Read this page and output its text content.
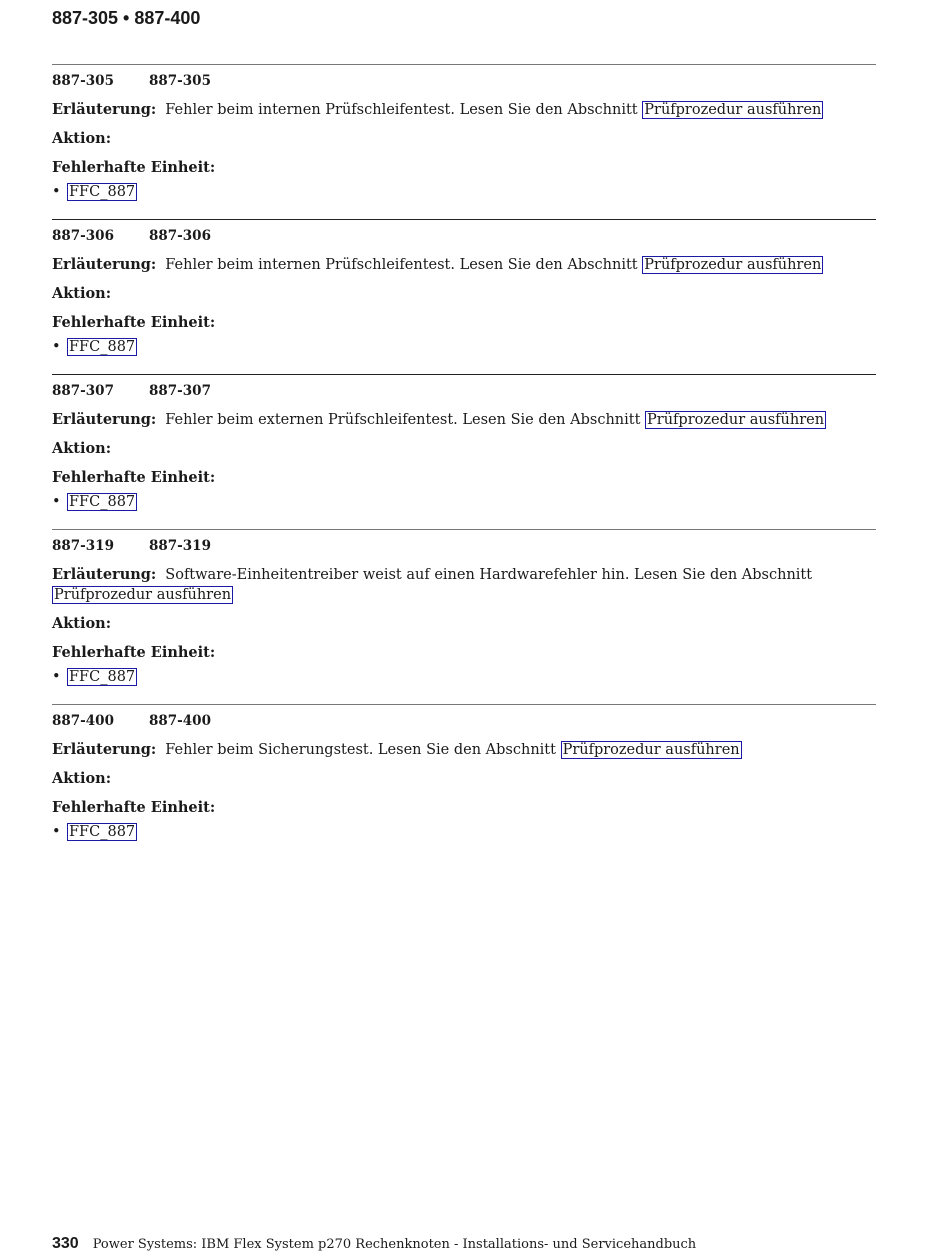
887-305 • 887-400
887-305	887-305
Erläuterung: Fehler beim internen Prüfschleifentest. Lesen Sie den Abschnitt Prüfprozedur ausführen
Aktion:
Fehlerhafte Einheit:
• FFC_887
887-306	887-306
Erläuterung: Fehler beim internen Prüfschleifentest. Lesen Sie den Abschnitt Prüfprozedur ausführen
Aktion:
Fehlerhafte Einheit:
• FFC_887
887-307	887-307
Erläuterung: Fehler beim externen Prüfschleifentest. Lesen Sie den Abschnitt Prüfprozedur ausführen
Aktion:
Fehlerhafte Einheit:
• FFC_887
887-319	887-319
Erläuterung: Software-Einheitentreiber weist auf einen Hardwarefehler hin. Lesen Sie den Abschnitt Prüfprozedur ausführen
Aktion:
Fehlerhafte Einheit:
• FFC_887
887-400	887-400
Erläuterung: Fehler beim Sicherungstest. Lesen Sie den Abschnitt Prüfprozedur ausführen
Aktion:
Fehlerhafte Einheit:
• FFC_887
330 Power Systems: IBM Flex System p270 Rechenknoten - Installations- und Servicehandbuch
